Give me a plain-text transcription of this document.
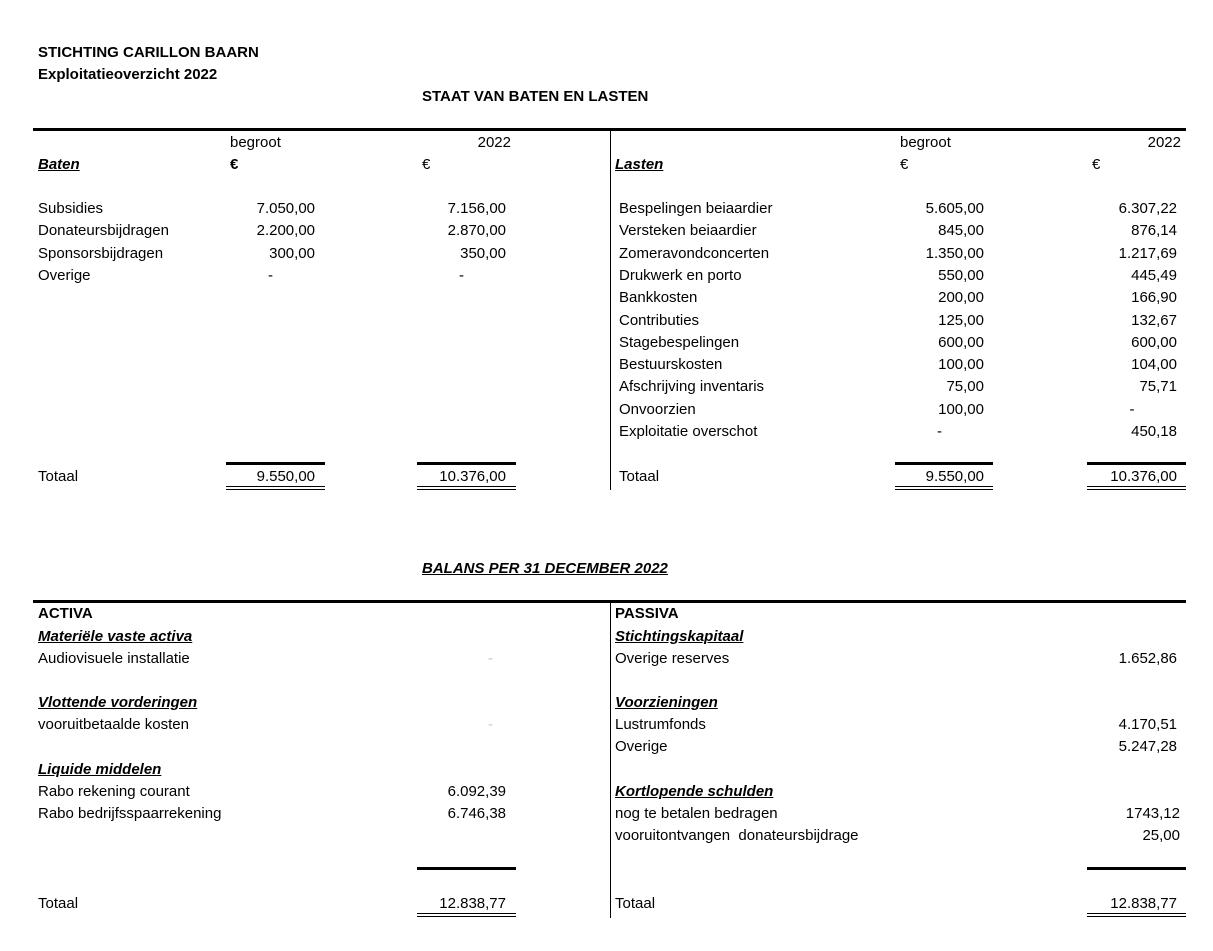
STICHTING CARILLON BAARN
Exploitatieoverzicht 2022
STAAT VAN BATEN EN LASTEN
begroot	2022
Baten	€	€
Subsidies	7.050,00	7.156,00
Donateursbijdragen	2.200,00	2.870,00
Sponsorsbijdragen	300,00	350,00
Overige	-	-
Totaal	9.550,00	10.376,00
begroot	2022
Lasten	€	€
Bespelingen beiaardier	5.605,00	6.307,22
Versteken beiaardier	845,00	876,14
Zomeravondconcerten	1.350,00	1.217,69
Drukwerk en porto	550,00	445,49
Bankkosten	200,00	166,90
Contributies	125,00	132,67
Stagebespelingen	600,00	600,00
Bestuurskosten	100,00	104,00
Afschrijving inventaris	75,00	75,71
Onvoorzien	100,00	-
Exploitatie overschot	-	450,18
Totaal	9.550,00	10.376,00
BALANS PER 31 DECEMBER 2022
ACTIVA
Materiële vaste activa
Audiovisuele installatie	-
Vlottende vorderingen
vooruitbetaalde kosten	-
Liquide middelen
Rabo rekening courant	6.092,39
Rabo bedrijfsspaarrekening	6.746,38
Totaal	12.838,77
PASSIVA
Stichtingskapitaal
Overige reserves	1.652,86
Voorzieningen
Lustrumfonds	4.170,51
Overige	5.247,28
Kortlopende schulden
nog te betalen bedragen	1743,12
vooruitontvangen  donateursbijdrage	25,00
Totaal	12.838,77
